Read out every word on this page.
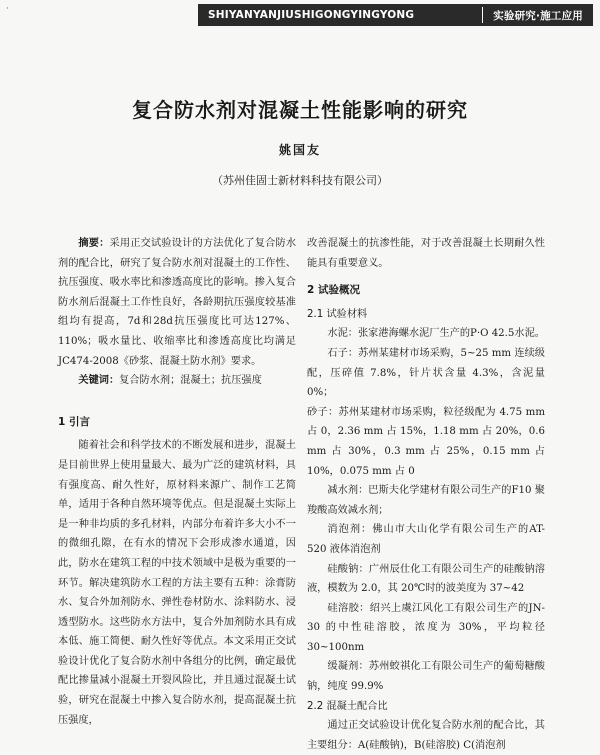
·	SHIYANYANJIUSHIGONGYINGYONG	实验研究·施工应用
复合防水剂对混凝土性能影响的研究
姚国友
（苏州佳固士新材料科技有限公司）

摘要：采用正交试验设计的方法优化了复合防水剂的配合比，研究了复合防水剂对混凝土的工作性、抗压强度、吸水率比和渗透高度比的影响。掺入复合防水剂后混凝土工作性良好，各龄期抗压强度较基准组均有提高，7d和28d抗压强度比可达127%、110%；吸水量比、收缩率比和渗透高度比均满足JC474-2008《砂浆、混凝土防水剂》要求。

关键词：复合防水剂；混凝土；抗压强度

1 引言

随着社会和科学技术的不断发展和进步，混凝土是目前世界上使用量最大、最为广泛的建筑材料，具有强度高、耐久性好，原材料来源广、制作工艺简单，适用于各种自然环境等优点。但是混凝土实际上是一种非均质的多孔材料，内部分布着许多大小不一的微细孔隙，在有水的情况下会形成渗水通道，因此，防水在建筑工程的中技术领域中是极为重要的一环节。解决建筑防水工程的方法主要有五种：涂膏防水、复合外加剂防水、弹性卷材防水、涂料防水、浸透型防水。这些防水方法中，复合外加剂防水具有成本低、施工简便、耐久性好等优点。本文采用正交试验设计优化了复合防水剂中各组分的比例，确定最优配比掺量减小混凝土开裂风险比，并且通过混凝土试验，研究在混凝土中掺入复合防水剂，提高混凝土抗压强度，

改善混凝土的抗渗性能，对于改善混凝土长期耐久性能具有重要意义。

2 试验概况

2.1 试验材料

水泥：张家港海螺水泥厂生产的P·O 42.5水泥。

石子：苏州某建材市场采购，5~25 mm 连续级配，压碎值 7.8%，针片状含量 4.3%，含泥量 0%；

砂子：苏州某建材市场采购，粒径级配为 4.75 mm 占 0，2.36 mm 占 15%，1.18 mm 占 20%，0.6 mm 占 30%，0.3 mm 占 25%，0.15 mm 占 10%，0.075 mm 占 0

减水剂：巴斯夫化学建材有限公司生产的F10 聚羧酸高效减水剂；

消泡剂：佛山市大山化学有限公司生产的AT-520 液体消泡剂

硅酸钠：广州辰仕化工有限公司生产的硅酸钠溶液，模数为 2.0，其 20℃时的波美度为 37~42

硅溶胶：绍兴上虞江风化工有限公司生产的JN-30 的中性硅溶胶，浓度为 30%，平均粒径 30~100nm

缓凝剂：苏州蛟祺化工有限公司生产的葡萄糖酸钠，纯度 99.9%

2.2 混凝土配合比

通过正交试验设计优化复合防水剂的配合比，其主要组分：A(硅酸钠)，B(硅溶胶) C(消泡剂
